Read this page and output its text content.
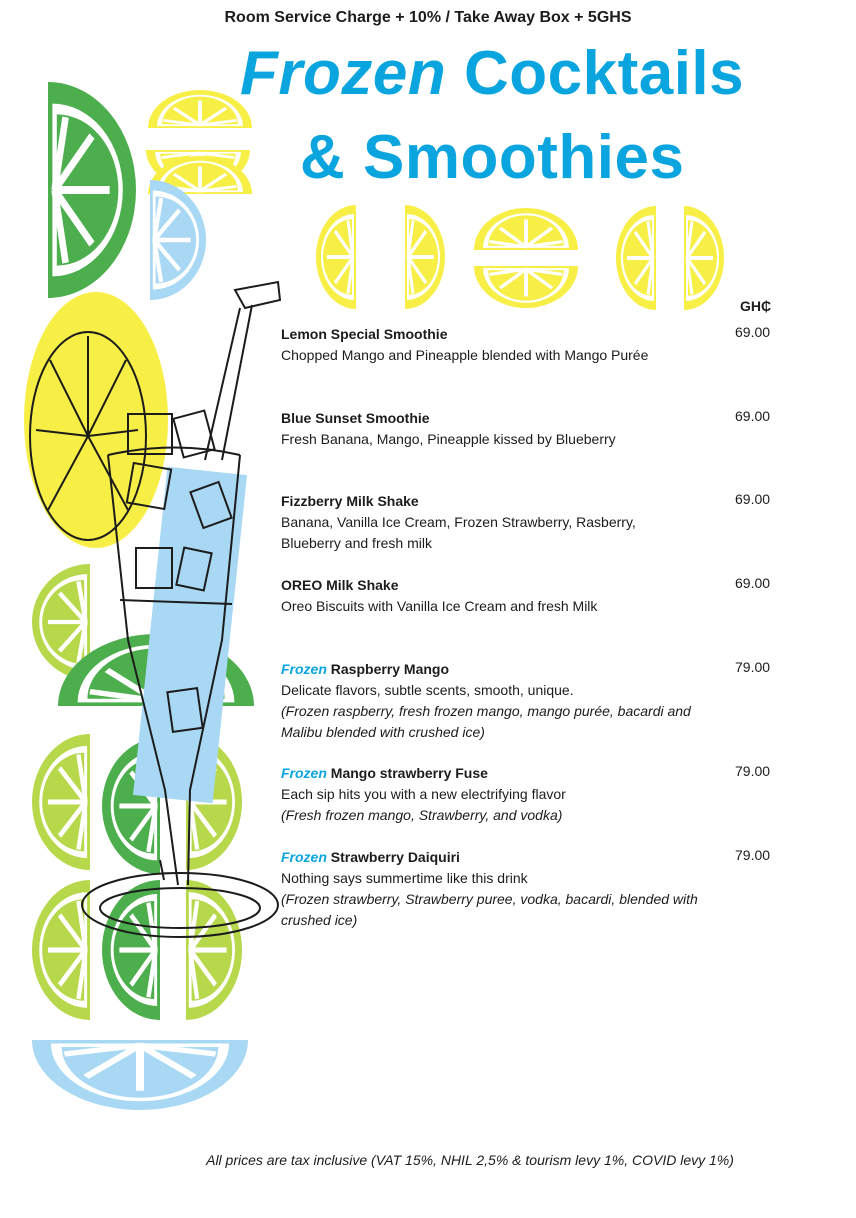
Room Service Charge + 10% / Take Away Box + 5GHS
Frozen Cocktails
& Smoothies
GH₵
Lemon Special Smoothie
Chopped Mango and Pineapple blended with Mango Purée
69.00
Blue Sunset Smoothie
Fresh Banana, Mango, Pineapple kissed by Blueberry
69.00
Fizzberry Milk Shake
Banana, Vanilla Ice Cream, Frozen Strawberry, Rasberry, Blueberry and fresh milk
69.00
OREO Milk Shake
Oreo Biscuits with Vanilla Ice Cream and fresh Milk
69.00
Frozen Raspberry Mango
Delicate flavors, subtle scents, smooth, unique.
(Frozen raspberry, fresh frozen mango, mango purée, bacardi and Malibu blended with crushed ice)
79.00
Frozen Mango strawberry Fuse
Each sip hits you with a new electrifying flavor
(Fresh frozen mango, Strawberry, and vodka)
79.00
Frozen Strawberry Daiquiri
Nothing says summertime like this drink
(Frozen strawberry, Strawberry puree, vodka, bacardi, blended with crushed ice)
79.00
All prices are tax inclusive (VAT 15%, NHIL 2,5% & tourism levy 1%, COVID levy 1%)
